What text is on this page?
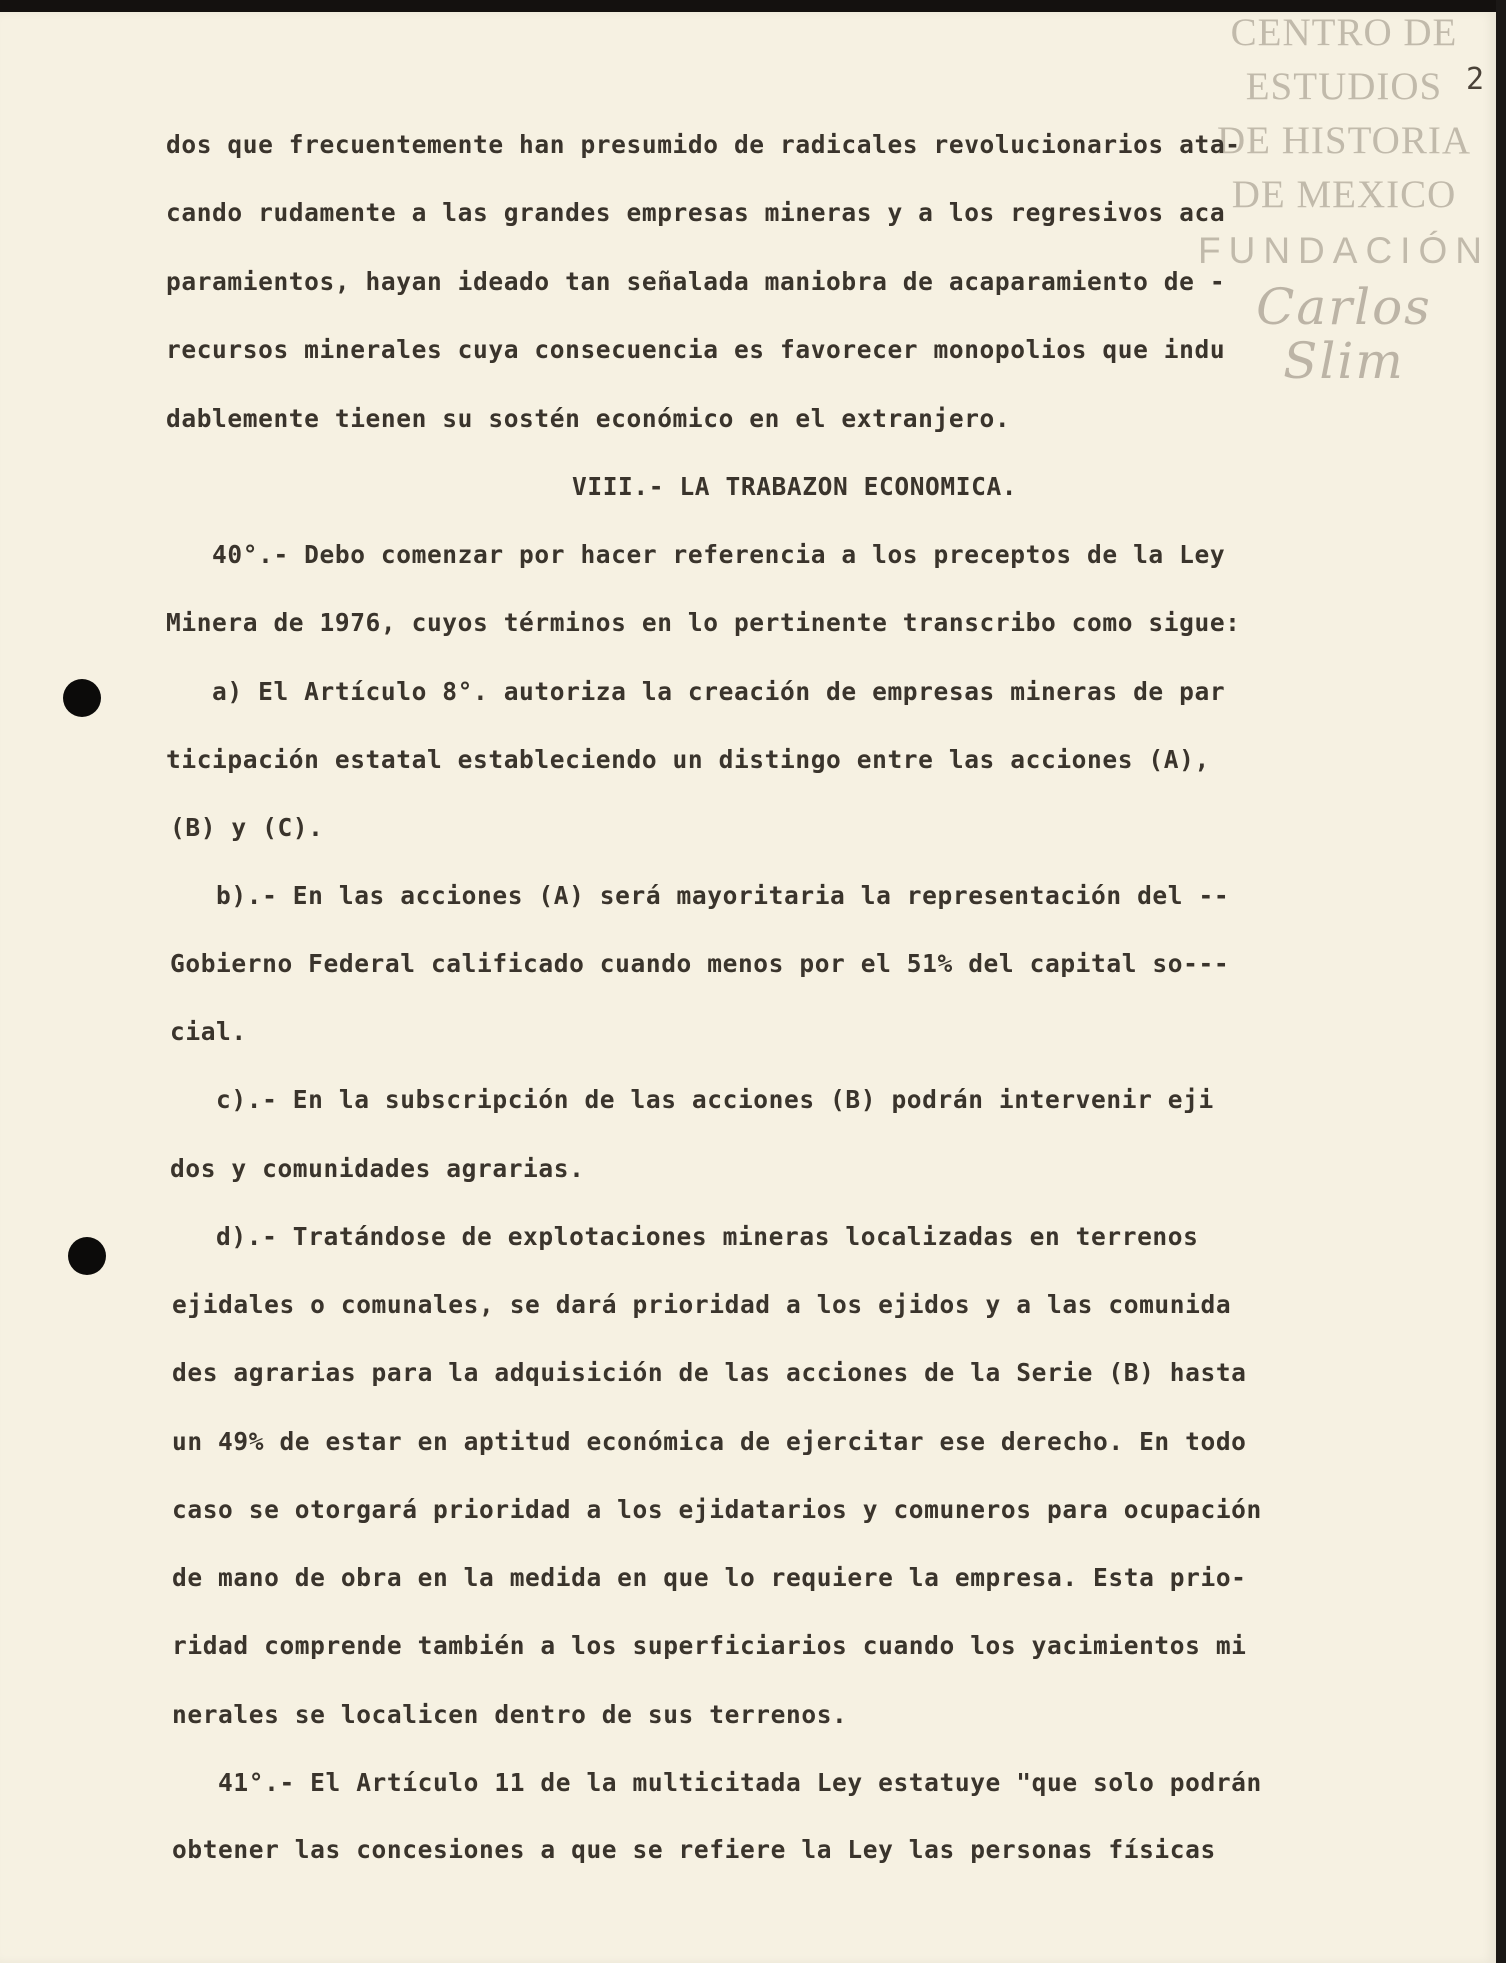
CENTRO DE
ESTUDIOS
DE HISTORIA
DE MEXICO
FUNDACIÓN
Carlos Slim
2
dos que frecuentemente han presumido de radicales revolucionarios ata-
cando rudamente a las grandes empresas mineras y a los regresivos aca
paramientos, hayan ideado tan señalada maniobra de acaparamiento de -
recursos minerales cuya consecuencia es favorecer monopolios que indu
dablemente tienen su sostén económico en el extranjero.
VIII.- LA TRABAZON ECONOMICA.
40°.- Debo comenzar por hacer referencia a los preceptos de la Ley
Minera de 1976, cuyos términos en lo pertinente transcribo como sigue:
a) El Artículo 8°. autoriza la creación de empresas mineras de par
ticipación estatal estableciendo un distingo entre las acciones (A),
(B) y (C).
b).- En las acciones (A) será mayoritaria la representación del --
Gobierno Federal calificado cuando menos por el 51% del capital so---
cial.
c).- En la subscripción de las acciones (B) podrán intervenir eji
dos y comunidades agrarias.
d).- Tratándose de explotaciones mineras localizadas en terrenos
ejidales o comunales, se dará prioridad a los ejidos y a las comunida
des agrarias para la adquisición de las acciones de la Serie (B) hasta
un 49% de estar en aptitud económica de ejercitar ese derecho. En todo
caso se otorgará prioridad a los ejidatarios y comuneros para ocupación
de mano de obra en la medida en que lo requiere la empresa. Esta prio-
ridad comprende también a los superficiarios cuando los yacimientos mi
nerales se localicen dentro de sus terrenos.
41°.- El Artículo 11 de la multicitada Ley estatuye "que solo podrán
obtener las concesiones a que se refiere la Ley las personas físicas
